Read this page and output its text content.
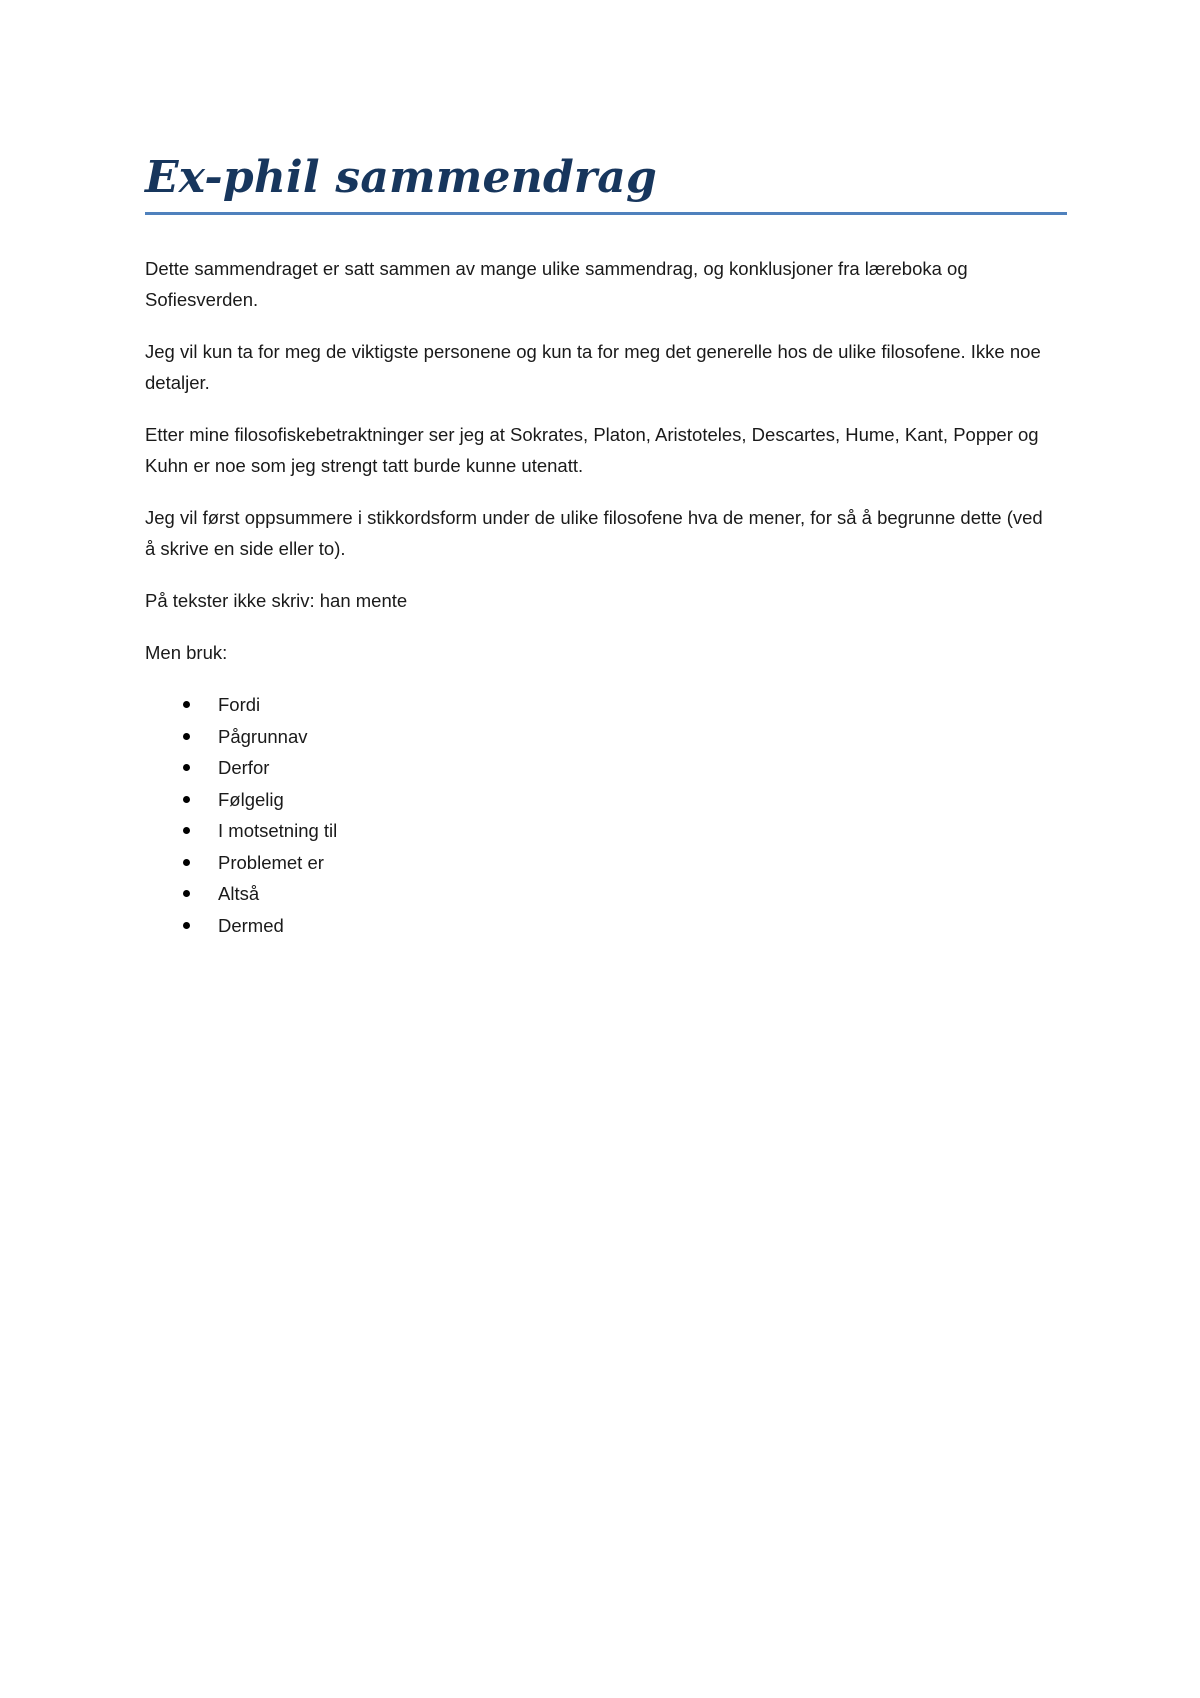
Ex-phil sammendrag

Dette sammendraget er satt sammen av mange ulike sammendrag, og konklusjoner fra læreboka og Sofiesverden.

Jeg vil kun ta for meg de viktigste personene og kun ta for meg det generelle hos de ulike filosofene. Ikke noe detaljer.

Etter mine filosofiskebetraktninger ser jeg at Sokrates, Platon, Aristoteles, Descartes, Hume, Kant, Popper og Kuhn er noe som jeg strengt tatt burde kunne utenatt.

Jeg vil først oppsummere i stikkordsform under de ulike filosofene hva de mener, for så å begrunne dette (ved å skrive en side eller to).

På tekster ikke skriv: han mente

Men bruk:

Fordi
Pågrunnav
Derfor
Følgelig
I motsetning til
Problemet er
Altså
Dermed
